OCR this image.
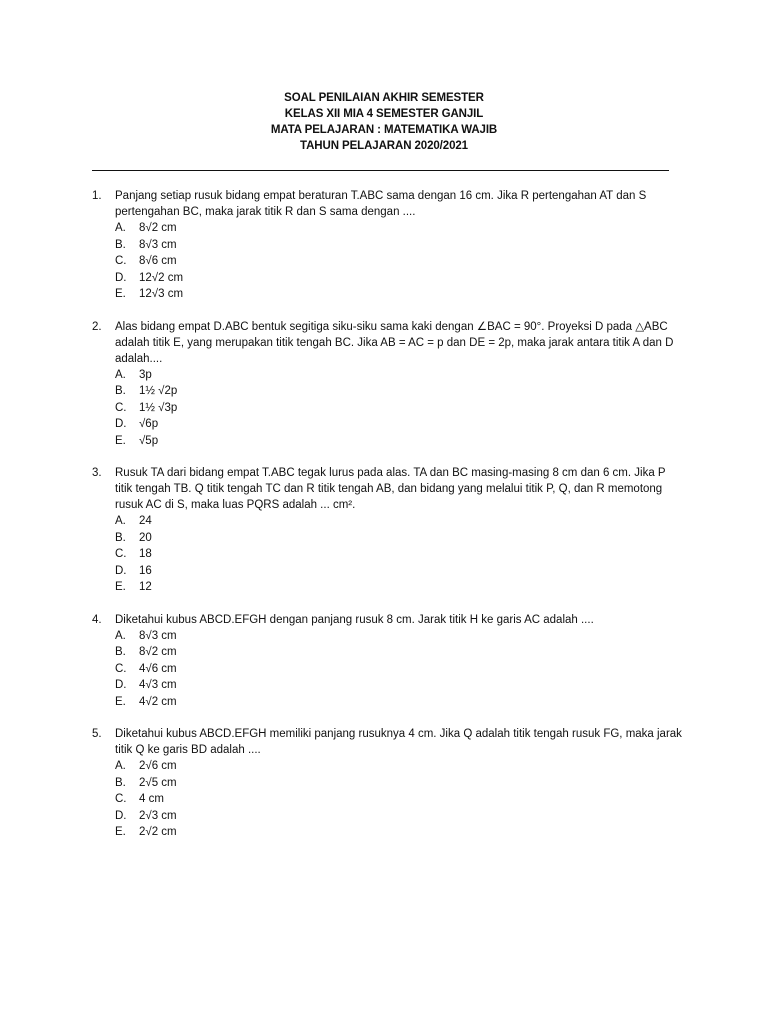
SOAL PENILAIAN AKHIR SEMESTER
KELAS XII MIA 4 SEMESTER GANJIL
MATA PELAJARAN : MATEMATIKA WAJIB
TAHUN PELAJARAN 2020/2021
1.	Panjang setiap rusuk bidang empat beraturan T.ABC sama dengan 16 cm. Jika R pertengahan AT dan S pertengahan BC, maka jarak titik R dan S sama dengan ....
A.	8√2 cm
B.	8√3 cm
C.	8√6 cm
D.	12√2 cm
E.	12√3 cm
2.	Alas bidang empat D.ABC bentuk segitiga siku-siku sama kaki dengan ∠BAC = 90°. Proyeksi D pada △ABC adalah titik E, yang merupakan titik tengah BC. Jika AB = AC = p dan DE = 2p, maka jarak antara titik A dan D adalah....
A.	3p
B.	1½ √2p
C.	1½ √3p
D.	√6p
E.	√5p
3.	Rusuk TA dari bidang empat T.ABC tegak lurus pada alas. TA dan BC masing-masing 8 cm dan 6 cm. Jika P titik tengah TB. Q titik tengah TC dan R titik tengah AB, dan bidang yang melalui titik P, Q, dan R memotong rusuk AC di S, maka luas PQRS adalah ... cm².
A.	24
B.	20
C.	18
D.	16
E.	12
4.	Diketahui kubus ABCD.EFGH dengan panjang rusuk 8 cm. Jarak titik H ke garis AC adalah ....
A.	8√3 cm
B.	8√2 cm
C.	4√6 cm
D.	4√3 cm
E.	4√2 cm
5.	Diketahui kubus ABCD.EFGH memiliki panjang rusuknya 4 cm. Jika Q adalah titik tengah rusuk FG, maka jarak titik Q ke garis BD adalah ....
A.	2√6 cm
B.	2√5 cm
C.	4 cm
D.	2√3 cm
E.	2√2 cm
